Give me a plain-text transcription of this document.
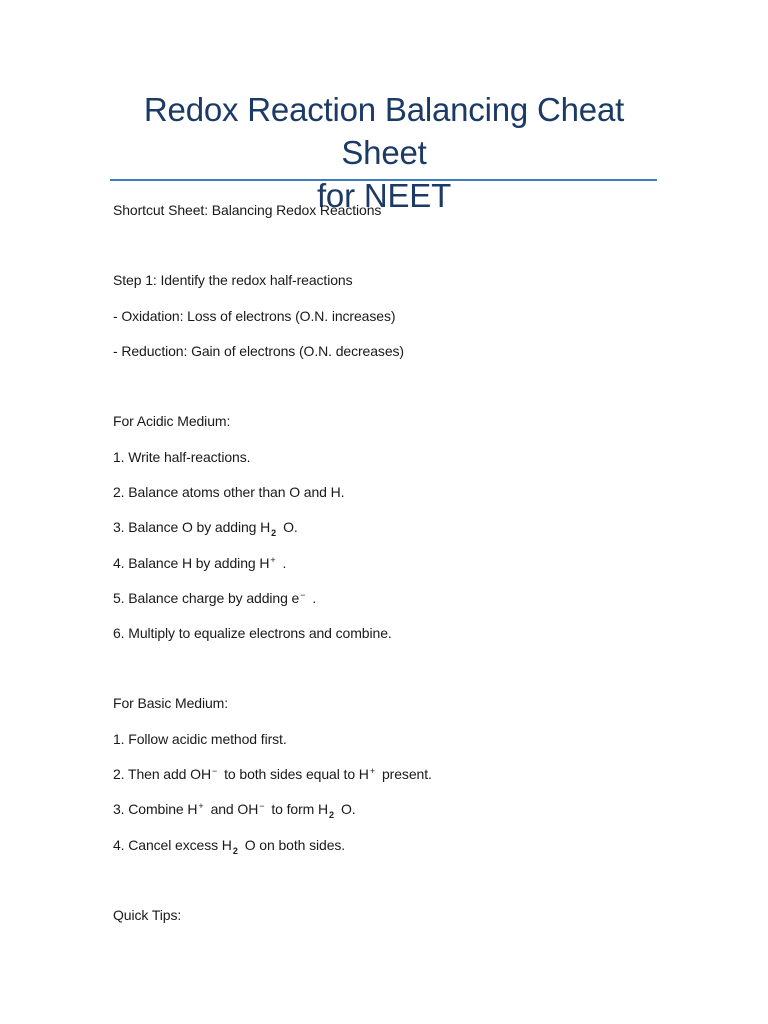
Redox Reaction Balancing Cheat Sheet
for NEET

Shortcut Sheet: Balancing Redox Reactions

Step 1: Identify the redox half-reactions

- Oxidation: Loss of electrons (O.N. increases)

- Reduction: Gain of electrons (O.N. decreases)

For Acidic Medium:

1. Write half-reactions.

2. Balance atoms other than O and H.

3. Balance O by adding $H_2$ O.

4. Balance H by adding H+ .

5. Balance charge by adding e− .

6. Multiply to equalize electrons and combine.

For Basic Medium:

1. Follow acidic method first.

2. Then add OH− to both sides equal to H+ present.

3. Combine H+ and OH− to form $H_2$ O.

4. Cancel excess $H_2$ O on both sides.

Quick Tips:
